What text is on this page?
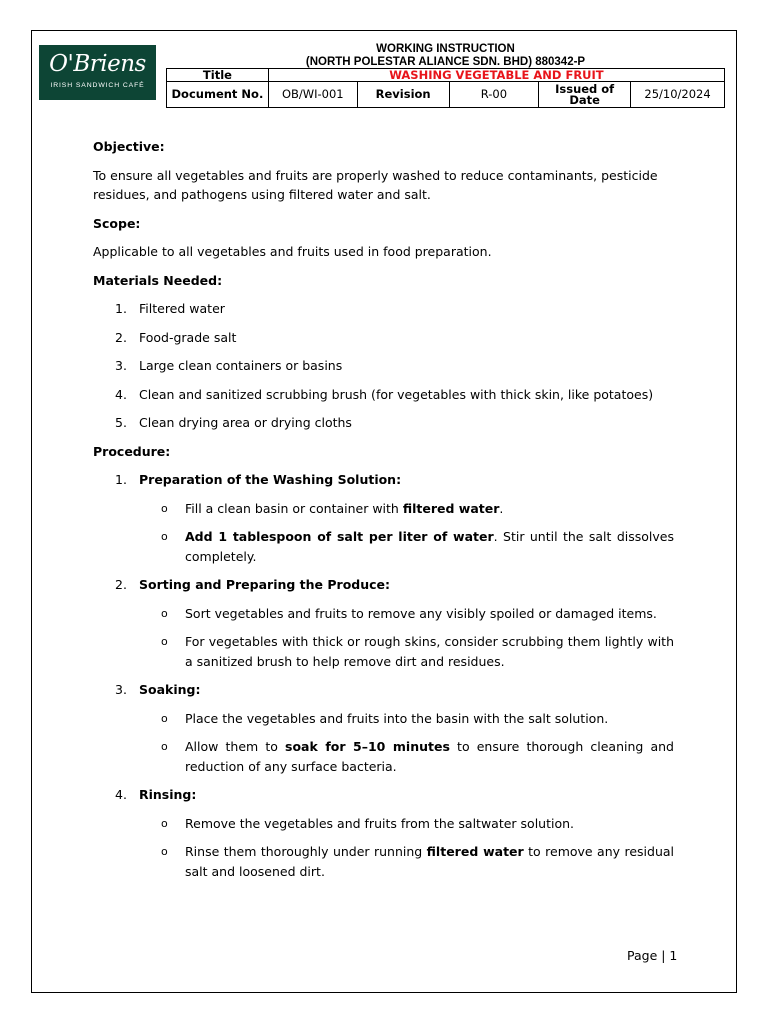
O'Briens
IRISH SANDWICH CAFÉ
WORKING INSTRUCTION
(NORTH POLESTAR ALIANCE SDN. BHD) 880342-P
Title	WASHING VEGETABLE AND FRUIT				
Document No.	OB/WI-001	Revision	R-00	Issued of Date	25/10/2024

Objective:

To ensure all vegetables and fruits are properly washed to reduce contaminants, pesticide residues, and pathogens using filtered water and salt.

Scope:

Applicable to all vegetables and fruits used in food preparation.

Materials Needed:

1. Filtered water

2. Food-grade salt

3. Large clean containers or basins

4. Clean and sanitized scrubbing brush (for vegetables with thick skin, like potatoes)

5. Clean drying area or drying cloths

Procedure:

1. Preparation of the Washing Solution:

o Fill a clean basin or container with filtered water.

o Add 1 tablespoon of salt per liter of water. Stir until the salt dissolves completely.

2. Sorting and Preparing the Produce:

o Sort vegetables and fruits to remove any visibly spoiled or damaged items.

o For vegetables with thick or rough skins, consider scrubbing them lightly with a sanitized brush to help remove dirt and residues.

3. Soaking:

o Place the vegetables and fruits into the basin with the salt solution.

o Allow them to soak for 5–10 minutes to ensure thorough cleaning and reduction of any surface bacteria.

4. Rinsing:

o Remove the vegetables and fruits from the saltwater solution.

o Rinse them thoroughly under running filtered water to remove any residual salt and loosened dirt.

Page | 1
